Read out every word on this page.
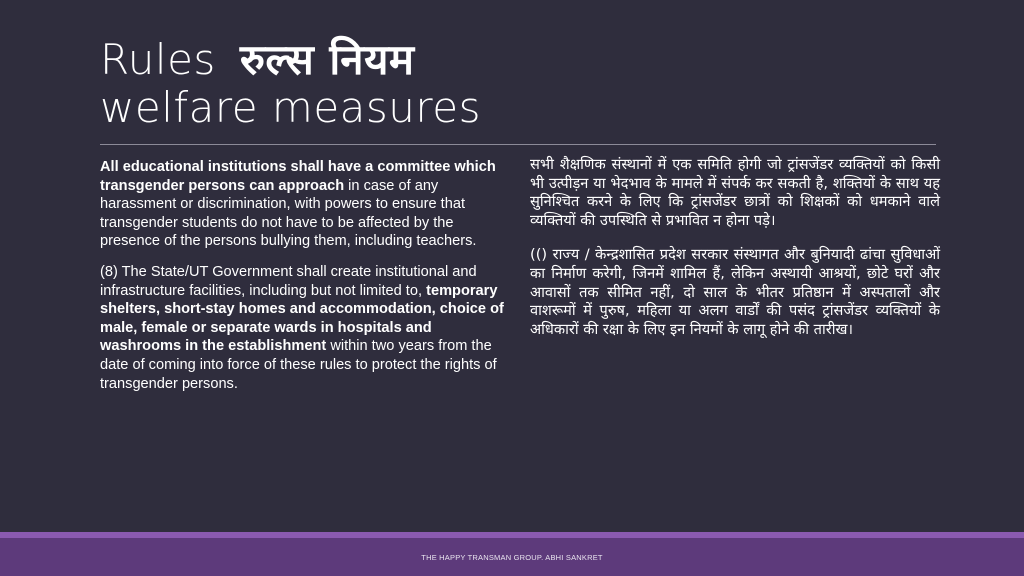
Rules रुल्स नियम
welfare measures

All educational institutions shall have a committee which transgender persons can approach in case of any harassment or discrimination, with powers to ensure that transgender students do not have to be affected by the presence of the persons bullying them, including teachers.

(8) The State/UT Government shall create institutional and infrastructure facilities, including but not limited to, temporary shelters, short-stay homes and accommodation, choice of male, female or separate wards in hospitals and washrooms in the establishment within two years from the date of coming into force of these rules to protect the rights of transgender persons.

सभी शैक्षणिक संस्थानों में एक समिति होगी जो ट्रांसजेंडर व्यक्तियों को किसी भी उत्पीड़न या भेदभाव के मामले में संपर्क कर सकती है, शक्तियों के साथ यह सुनिश्चित करने के लिए कि ट्रांसजेंडर छात्रों को शिक्षकों को धमकाने वाले व्यक्तियों की उपस्थिति से प्रभावित न होना पड़े।

(() राज्य / केन्द्रशासित प्रदेश सरकार संस्थागत और बुनियादी ढांचा सुविधाओं का निर्माण करेगी, जिनमें शामिल हैं, लेकिन अस्थायी आश्रयों, छोटे घरों और आवासों तक सीमित नहीं, दो साल के भीतर प्रतिष्ठान में अस्पतालों और वाशरूमों में पुरुष, महिला या अलग वार्डों की पसंद ट्रांसजेंडर व्यक्तियों के अधिकारों की रक्षा के लिए इन नियमों के लागू होने की तारीख।

THE HAPPY TRANSMAN GROUP. ABHI SANKRET
